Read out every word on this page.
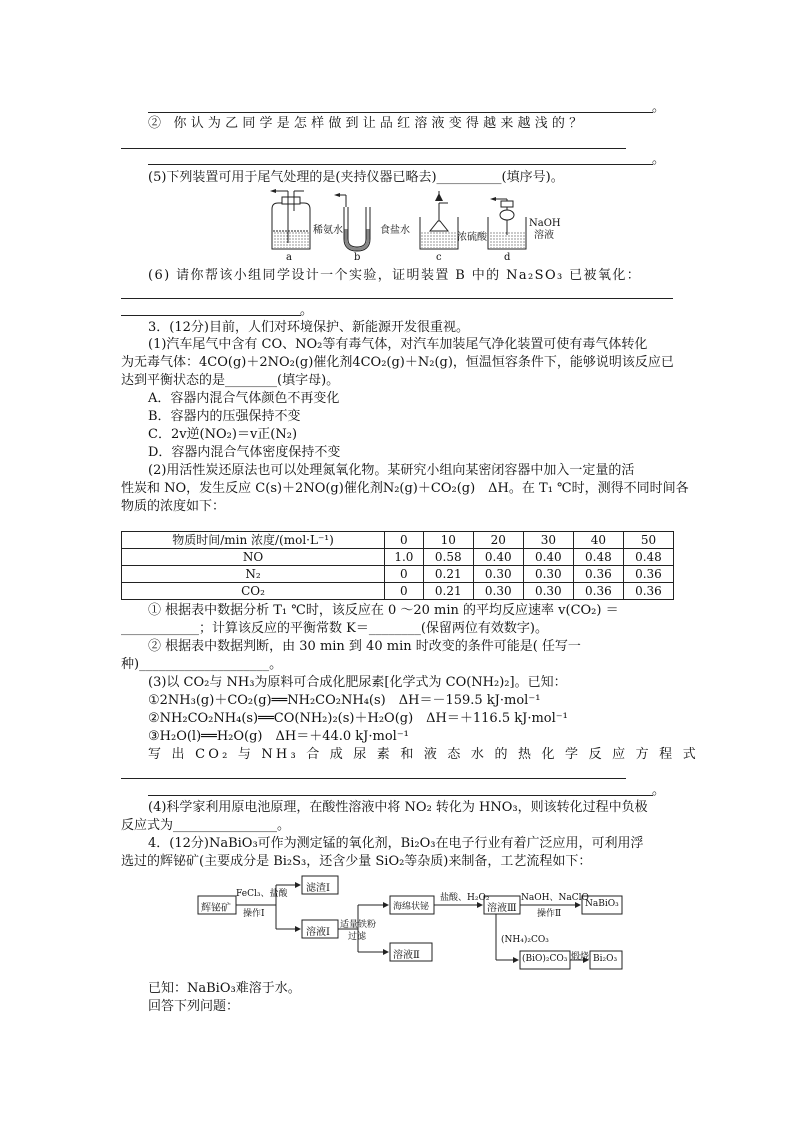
。
② 你认为乙同学是怎样做到让品红溶液变得越来越浅的？
。
(5)下列装置可用于尾气处理的是(夹持仪器已略去)__________(填序号)。
稀氨水	食盐水
浓硫酸
NaOH溶液
a	b	c	d
(6) 请你帮该小组同学设计一个实验，证明装置 B 中的 Na₂SO₃ 已被氧化：
。
3．(12分)目前，人们对环境保护、新能源开发很重视。
(1)汽车尾气中含有 CO、NO₂等有毒气体，对汽车加装尾气净化装置可使有毒气体转化
为无毒气体：4CO(g)＋2NO₂(g)催化剂4CO₂(g)＋N₂(g)，恒温恒容条件下，能够说明该反应已
达到平衡状态的是________(填字母)。
A．容器内混合气体颜色不再变化
B．容器内的压强保持不变
C．2v逆(NO₂)＝v正(N₂)
D．容器内混合气体密度保持不变
(2)用活性炭还原法也可以处理氮氧化物。某研究小组向某密闭容器中加入一定量的活
性炭和 NO，发生反应 C(s)＋2NO(g)催化剂N₂(g)＋CO₂(g)　ΔH。在 T₁ ℃时，测得不同时间各
物质的浓度如下：
物质时间/min 浓度/(mol·L⁻¹)	0	10	20	30	40	50
NO	1.0	0.58	0.40	0.40	0.48	0.48
N₂	0	0.21	0.30	0.30	0.36	0.36
CO₂	0	0.21	0.30	0.30	0.36	0.36
① 根据表中数据分析 T₁ ℃时，该反应在 0 ～20 min 的平均反应速率 v(CO₂) ＝
____________；计算该反应的平衡常数 K＝________(保留两位有效数字)。
② 根据表中数据判断，由 30 min 到 40 min 时改变的条件可能是( 任写一
种)____________________。
(3)以 CO₂与 NH₃为原料可合成化肥尿素[化学式为 CO(NH₂)₂]。已知：
①2NH₃(g)＋CO₂(g)══NH₂CO₂NH₄(s)　ΔH＝－159.5 kJ·mol⁻¹
②NH₂CO₂NH₄(s)══CO(NH₂)₂(s)＋H₂O(g)　ΔH＝＋116.5 kJ·mol⁻¹
③H₂O(l)══H₂O(g)　ΔH＝＋44.0 kJ·mol⁻¹
写 出 CO₂ 与 NH₃ 合 成 尿 素 和 液 态 水 的 热 化 学 反 应 方 程 式
。
(4)科学家利用原电池原理，在酸性溶液中将 NO₂ 转化为 HNO₃，则该转化过程中负极
反应式为________________。
4．(12分)NaBiO₃可作为测定锰的氧化剂，Bi₂O₃在电子行业有着广泛应用，可利用浮
选过的辉铋矿(主要成分是 Bi₂S₃，还含少量 SiO₂等杂质)来制备，工艺流程如下：
辉铋矿
FeCl₃、盐酸
操作Ⅰ
滤渣Ⅰ
溶液Ⅰ
适量铁粉
过滤
海绵状铋
溶液Ⅱ
盐酸、H₂O₂
溶液Ⅲ
NaOH、NaClO
操作Ⅱ
NaBiO₃
(NH₄)₂CO₃
(BiO)₂CO₃ 煅烧 Bi₂O₃
已知：NaBiO₃难溶于水。
回答下列问题：
